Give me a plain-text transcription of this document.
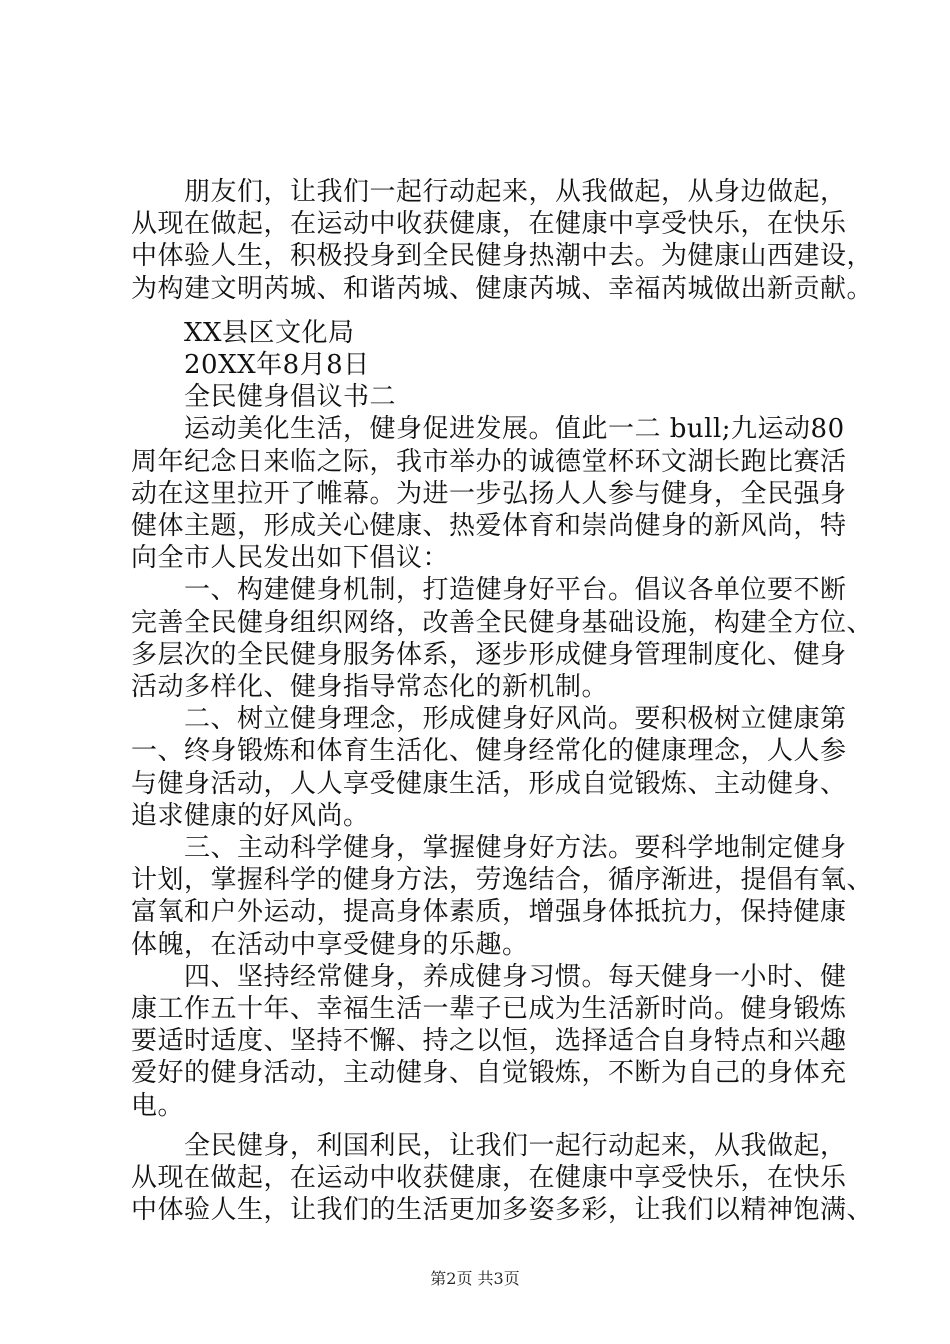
　　朋友们，让我们一起行动起来，从我做起，从身边做起，
从现在做起，在运动中收获健康，在健康中享受快乐，在快乐
中体验人生，积极投身到全民健身热潮中去。为健康山西建设，
为构建文明芮城、和谐芮城、健康芮城、幸福芮城做出新贡献。
　　XX县区文化局
　　20XX年8月8日
　　全民健身倡议书二
　　运动美化生活，健身促进发展。值此一二 bull;九运动80
周年纪念日来临之际，我市举办的诚德堂杯环文湖长跑比赛活
动在这里拉开了帷幕。为进一步弘扬人人参与健身，全民强身
健体主题，形成关心健康、热爱体育和崇尚健身的新风尚，特
向全市人民发出如下倡议：
　　一、构建健身机制，打造健身好平台。倡议各单位要不断
完善全民健身组织网络，改善全民健身基础设施，构建全方位、
多层次的全民健身服务体系，逐步形成健身管理制度化、健身
活动多样化、健身指导常态化的新机制。
　　二、树立健身理念，形成健身好风尚。要积极树立健康第
一、终身锻炼和体育生活化、健身经常化的健康理念，人人参
与健身活动，人人享受健康生活，形成自觉锻炼、主动健身、
追求健康的好风尚。
　　三、主动科学健身，掌握健身好方法。要科学地制定健身
计划，掌握科学的健身方法，劳逸结合，循序渐进，提倡有氧、
富氧和户外运动，提高身体素质，增强身体抵抗力，保持健康
体魄，在活动中享受健身的乐趣。
　　四、坚持经常健身，养成健身习惯。每天健身一小时、健
康工作五十年、幸福生活一辈子已成为生活新时尚。健身锻炼
要适时适度、坚持不懈、持之以恒，选择适合自身特点和兴趣
爱好的健身活动，主动健身、自觉锻炼，不断为自己的身体充
电。
　　全民健身，利国利民，让我们一起行动起来，从我做起，
从现在做起，在运动中收获健康，在健康中享受快乐，在快乐
中体验人生，让我们的生活更加多姿多彩，让我们以精神饱满、
第2页 共3页
